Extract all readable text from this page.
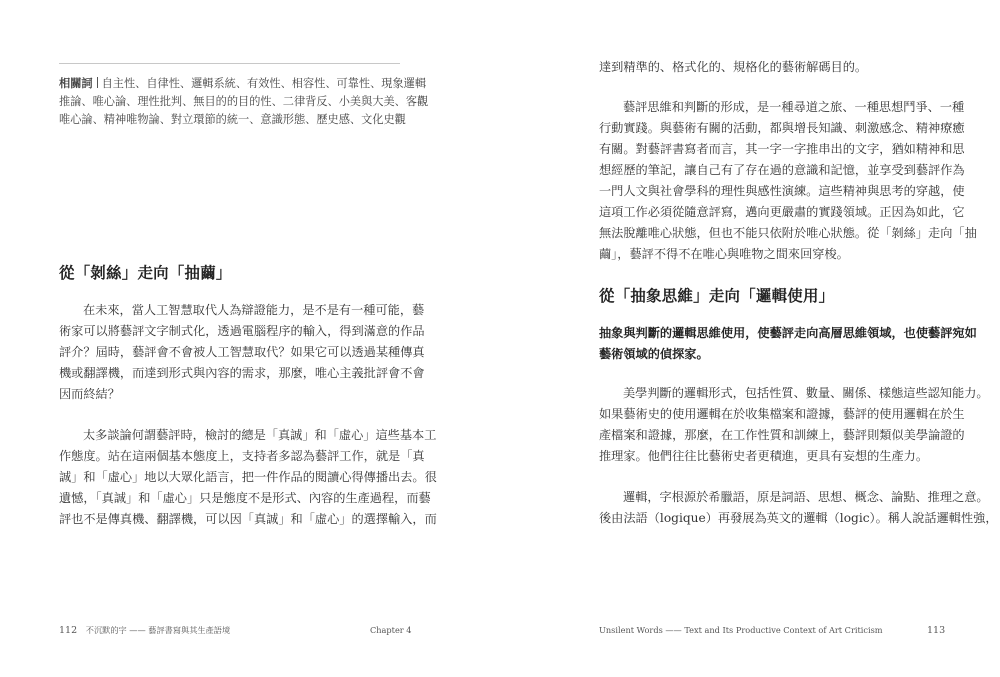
相關詞 自主性、自律性、邏輯系統、有效性、相容性、可靠性、現象邏輯
推論、唯心論、理性批判、無目的的目的性、二律背反、小美與大美、客觀
唯心論、精神唯物論、對立環節的統一、意識形態、歷史感、文化史觀
從「剝絲」走向「抽繭」
在未來，當人工智慧取代人為辯證能力，是不是有一種可能，藝
術家可以將藝評文字制式化，透過電腦程序的輸入，得到滿意的作品
評介？屆時，藝評會不會被人工智慧取代？如果它可以透過某種傳真
機或翻譯機，而達到形式與內容的需求，那麼，唯心主義批評會不會
因而終結？
太多談論何謂藝評時，檢討的總是「真誠」和「虛心」這些基本工
作態度。站在這兩個基本態度上，支持者多認為藝評工作，就是「真
誠」和「虛心」地以大眾化語言，把一件作品的閱讀心得傳播出去。很
遺憾，「真誠」和「虛心」只是態度不是形式、內容的生產過程，而藝
評也不是傳真機、翻譯機，可以因「真誠」和「虛心」的選擇輸入，而
112 不沉默的字 —— 藝評書寫與其生產語境	Chapter 4
達到精準的、格式化的、規格化的藝術解碼目的。
藝評思維和判斷的形成，是一種尋道之旅、一種思想鬥爭、一種
行動實踐。與藝術有關的活動，都與增長知識、刺激感念、精神療癒
有關。對藝評書寫者而言，其一字一字推串出的文字，猶如精神和思
想經歷的筆記，讓自己有了存在過的意識和記憶，並享受到藝評作為
一門人文與社會學科的理性與感性演練。這些精神與思考的穿越，使
這項工作必須從隨意評寫，邁向更嚴肅的實踐領域。正因為如此，它
無法脫離唯心狀態，但也不能只依附於唯心狀態。從「剝絲」走向「抽
繭」，藝評不得不在唯心與唯物之間來回穿梭。
從「抽象思維」走向「邏輯使用」
抽象與判斷的邏輯思維使用，使藝評走向高層思維領域，也使藝評宛如
藝術領域的偵探家。
美學判斷的邏輯形式，包括性質、數量、關係、樣態這些認知能力。
如果藝術史的使用邏輯在於收集檔案和證據，藝評的使用邏輯在於生
產檔案和證據，那麼，在工作性質和訓練上，藝評則類似美學論證的
推理家。他們往往比藝術史者更積進，更具有妄想的生產力。
邏輯，字根源於希臘語，原是詞語、思想、概念、論點、推理之意。
後由法語（logique）再發展為英文的邏輯（logic）。稱人說話邏輯性強，
Unsilent Words —— Text and Its Productive Context of Art Criticism	113
